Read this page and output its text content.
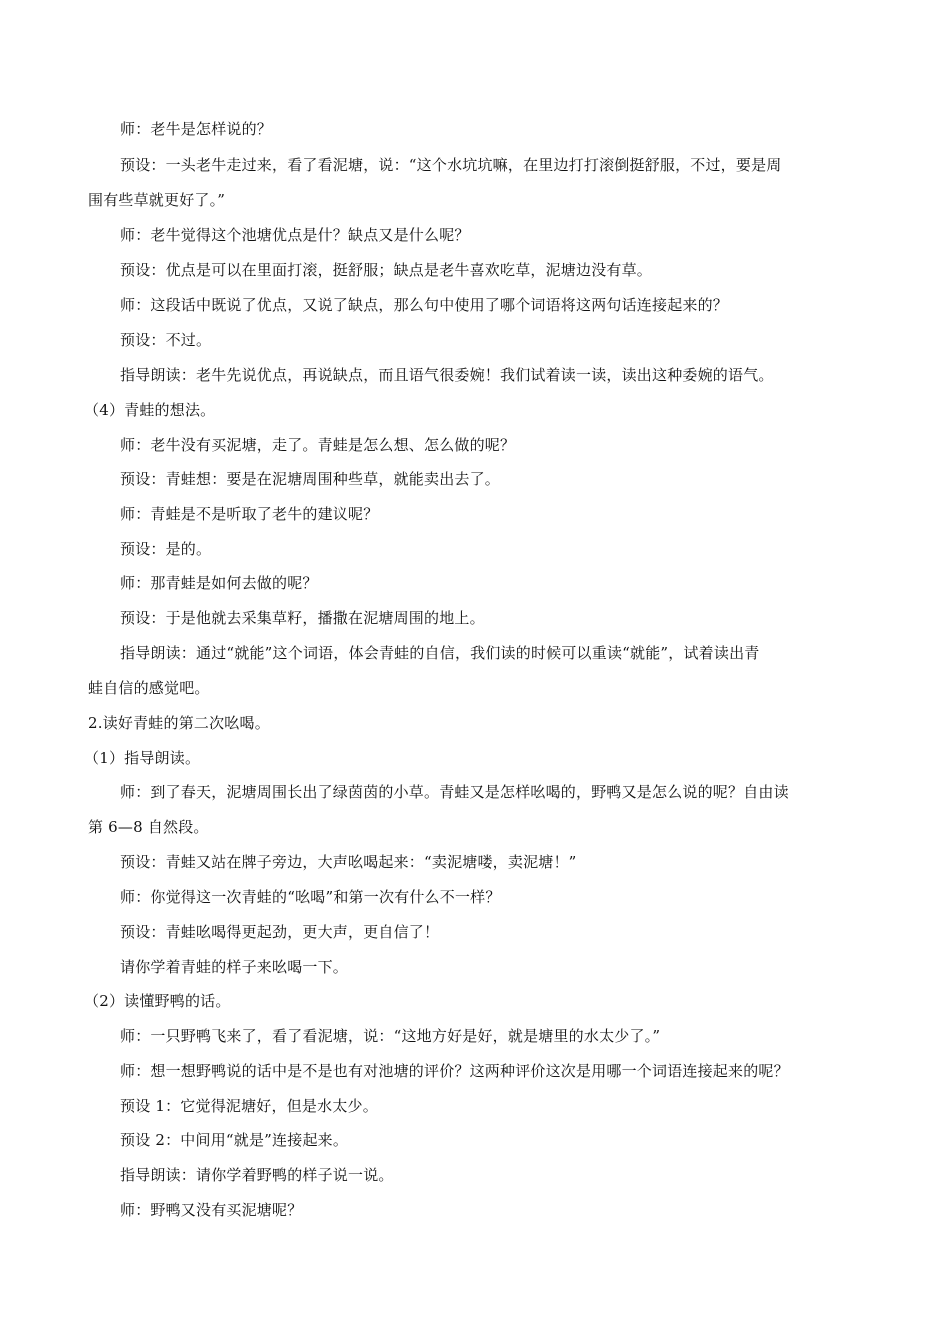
师：老牛是怎样说的？
预设：一头老牛走过来，看了看泥塘，说：“这个水坑坑嘛，在里边打打滚倒挺舒服，不过，要是周
围有些草就更好了。”
师：老牛觉得这个池塘优点是什？缺点又是什么呢？
预设：优点是可以在里面打滚，挺舒服；缺点是老牛喜欢吃草，泥塘边没有草。
师：这段话中既说了优点，又说了缺点，那么句中使用了哪个词语将这两句话连接起来的？
预设：不过。
指导朗读：老牛先说优点，再说缺点，而且语气很委婉！我们试着读一读，读出这种委婉的语气。
（4）青蛙的想法。
师：老牛没有买泥塘，走了。青蛙是怎么想、怎么做的呢？
预设：青蛙想：要是在泥塘周围种些草，就能卖出去了。
师：青蛙是不是听取了老牛的建议呢？
预设：是的。
师：那青蛙是如何去做的呢？
预设：于是他就去采集草籽，播撒在泥塘周围的地上。
指导朗读：通过“就能”这个词语，体会青蛙的自信，我们读的时候可以重读“就能”，试着读出青
蛙自信的感觉吧。
2.读好青蛙的第二次吆喝。
（1）指导朗读。
师：到了春天，泥塘周围长出了绿茵茵的小草。青蛙又是怎样吆喝的，野鸭又是怎么说的呢？自由读
第 6—8 自然段。
预设：青蛙又站在牌子旁边，大声吆喝起来：“卖泥塘喽，卖泥塘！”
师：你觉得这一次青蛙的“吆喝”和第一次有什么不一样？
预设：青蛙吆喝得更起劲，更大声，更自信了！
请你学着青蛙的样子来吆喝一下。
（2）读懂野鸭的话。
师：一只野鸭飞来了，看了看泥塘，说：“这地方好是好，就是塘里的水太少了。”
师：想一想野鸭说的话中是不是也有对池塘的评价？这两种评价这次是用哪一个词语连接起来的呢？
预设 1：它觉得泥塘好，但是水太少。
预设 2：中间用“就是”连接起来。
指导朗读：请你学着野鸭的样子说一说。
师：野鸭又没有买泥塘呢？
